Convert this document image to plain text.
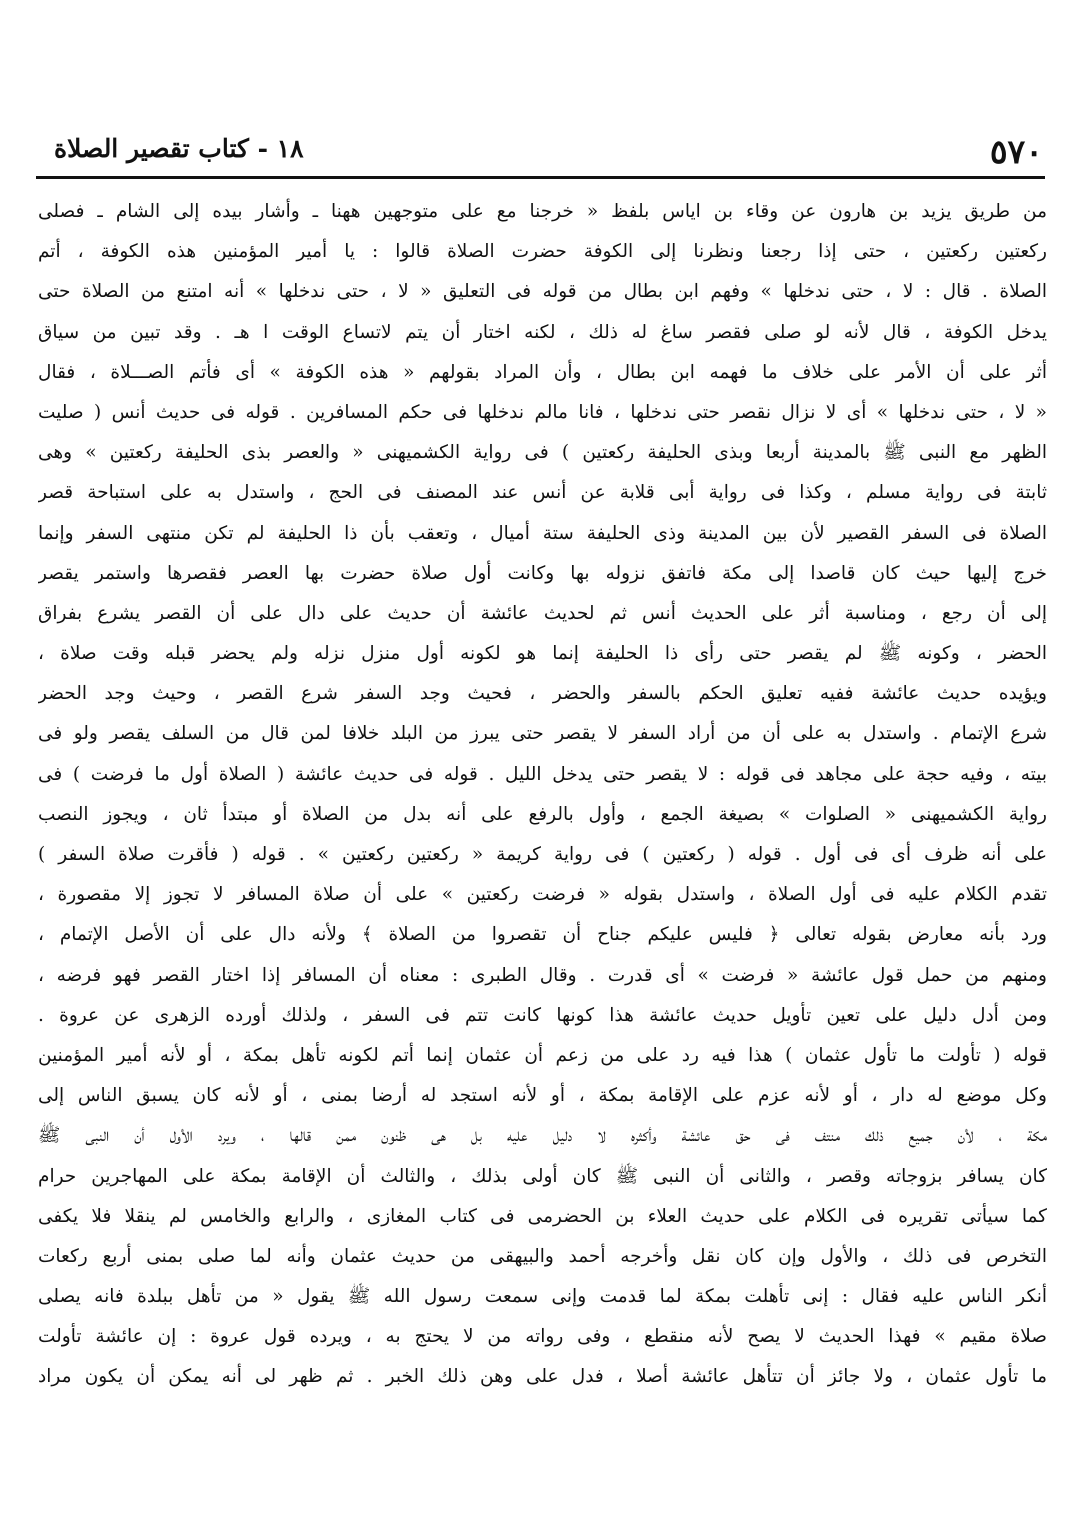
٥٧٠
١٨ - كتاب تقصير الصلاة
من طريق يزيد بن هارون عن وقاء بن اياس بلفظ « خرجنا مع على متوجهين ههنا ـ وأشار بيده إلى الشام ـ فصلى
ركعتين ركعتين ، حتى إذا رجعنا ونظرنا إلى الكوفة حضرت الصلاة قالوا : يا أمير المؤمنين هذه الكوفة ، أتم
الصلاة . قال : لا ، حتى ندخلها » وفهم ابن بطال من قوله فى التعليق « لا ، حتى ندخلها » أنه امتنع من الصلاة حتى
يدخل الكوفة ، قال لأنه لو صلى فقصر ساغ له ذلك ، لكنه اختار أن يتم لاتساع الوقت ا هـ . وقد تبين من سياق
أثر على أن الأمر على خلاف ما فهمه ابن بطال ، وأن المراد بقولهم « هذه الكوفة » أى فأتم الصـــلاة ، فقال
« لا ، حتى ندخلها » أى لا نزال نقصر حتى ندخلها ، فانا مالم ندخلها فى حكم المسافرين . قوله فى حديث أنس ( صليت
الظهر مع النبى ﷺ بالمدينة أربعا وبذى الحليفة ركعتين ) فى رواية الكشميهنى « والعصر بذى الحليفة ركعتين » وهى
ثابتة فى رواية مسلم ، وكذا فى رواية أبى قلابة عن أنس عند المصنف فى الحج ، واستدل به على استباحة قصر
الصلاة فى السفر القصير لأن بين المدينة وذى الحليفة ستة أميال ، وتعقب بأن ذا الحليفة لم تكن منتهى السفر وإنما
خرج إليها حيث كان قاصدا إلى مكة فاتفق نزوله بها وكانت أول صلاة حضرت بها العصر فقصرها واستمر يقصر
إلى أن رجع ، ومناسبة أثر على الحديث أنس ثم لحديث عائشة أن حديث على دال على أن القصر يشرع بفراق
الحضر ، وكونه ﷺ لم يقصر حتى رأى ذا الحليفة إنما هو لكونه أول منزل نزله ولم يحضر قبله وقت صلاة ،
ويؤيده حديث عائشة ففيه تعليق الحكم بالسفر والحضر ، فحيث وجد السفر شرع القصر ، وحيث وجد الحضر
شرع الإتمام . واستدل به على أن من أراد السفر لا يقصر حتى يبرز من البلد خلافا لمن قال من السلف يقصر ولو فى
بيته ، وفيه حجة على مجاهد فى قوله : لا يقصر حتى يدخل الليل . قوله فى حديث عائشة ( الصلاة أول ما فرضت ) فى
رواية الكشميهنى « الصلوات » بصيغة الجمع ، وأول بالرفع على أنه بدل من الصلاة أو مبتدأ ثان ، ويجوز النصب
على أنه ظرف أى فى أول . قوله ( ركعتين ) فى رواية كريمة « ركعتين ركعتين » . قوله ( فأقرت صلاة السفر )
تقدم الكلام عليه فى أول الصلاة ، واستدل بقوله « فرضت ركعتين » على أن صلاة المسافر لا تجوز إلا مقصورة ،
ورد بأنه معارض بقوله تعالى ﴿ فليس عليكم جناح أن تقصروا من الصلاة ﴾ ولأنه دال على أن الأصل الإتمام ،
ومنهم من حمل قول عائشة « فرضت » أى قدرت . وقال الطبرى : معناه أن المسافر إذا اختار القصر فهو فرضه ،
ومن أدل دليل على تعين تأويل حديث عائشة هذا كونها كانت تتم فى السفر ، ولذلك أورده الزهرى عن عروة .
قوله ( تأولت ما تأول عثمان ) هذا فيه رد على من زعم أن عثمان إنما أتم لكونه تأهل بمكة ، أو لأنه أمير المؤمنين
وكل موضع له دار ، أو لأنه عزم على الإقامة بمكة ، أو لأنه استجد له أرضا بمنى ، أو لأنه كان يسبق الناس إلى
مكة ، لأن جميع ذلك منتف فى حق عائشة وأكثره لا دليل عليه بل هى ظنون ممن قالها ، ويرد الأول أن النبى ﷺ
كان يسافر بزوجاته وقصر ، والثانى أن النبى ﷺ كان أولى بذلك ، والثالث أن الإقامة بمكة على المهاجرين حرام
كما سيأتى تقريره فى الكلام على حديث العلاء بن الحضرمى فى كتاب المغازى ، والرابع والخامس لم ينقلا فلا يكفى
التخرص فى ذلك ، والأول وإن كان نقل وأخرجه أحمد والبيهقى من حديث عثمان وأنه لما صلى بمنى أربع ركعات
أنكر الناس عليه فقال : إنى تأهلت بمكة لما قدمت وإنى سمعت رسول الله ﷺ يقول « من تأهل ببلدة فانه يصلى
صلاة مقيم » فهذا الحديث لا يصح لأنه منقطع ، وفى رواته من لا يحتج به ، ويرده قول عروة : إن عائشة تأولت
ما تأول عثمان ، ولا جائز أن تتأهل عائشة أصلا ، فدل على وهن ذلك الخبر . ثم ظهر لى أنه يمكن أن يكون مراد
